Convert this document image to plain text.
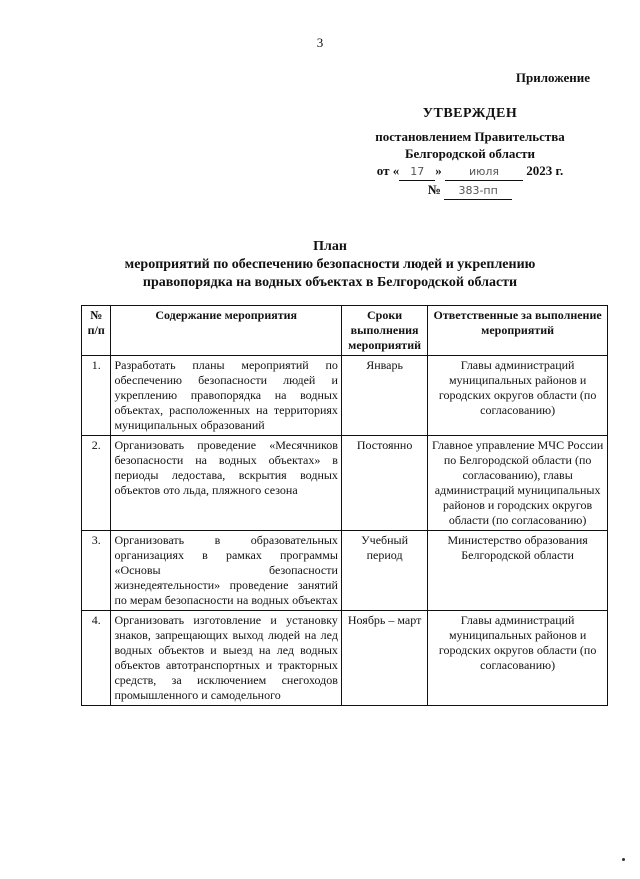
3
Приложение
УТВЕРЖДЕН
постановлением Правительства
Белгородской области
от « 17 » июля 2023 г.
№ 383-пп
План
мероприятий по обеспечению безопасности людей и укреплению
правопорядка на водных объектах в Белгородской области
№ п/п	Содержание мероприятия	Сроки выполнения мероприятий	Ответственные за выполнение мероприятий
1.	Разработать планы мероприятий по обеспечению безопасности людей и укреплению правопорядка на водных объектах, расположенных на территориях муниципальных образований	Январь	Главы администраций муниципальных районов и городских округов области (по согласованию)
2.	Организовать проведение «Месячников безопасности на водных объектах» в периоды ледостава, вскрытия водных объектов ото льда, пляжного сезона	Постоянно	Главное управление МЧС России по Белгородской области (по согласованию), главы администраций муниципальных районов и городских округов области (по согласованию)
3.	Организовать в образовательных организациях в рамках программы «Основы безопасности жизнедеятельности» проведение занятий по мерам безопасности на водных объектах	Учебный период	Министерство образования Белгородской области
4.	Организовать изготовление и установку знаков, запрещающих выход людей на лед водных объектов и выезд на лед водных объектов автотранспортных и тракторных средств, за исключением снегоходов промышленного и самодельного	Ноябрь – март	Главы администраций муниципальных районов и городских округов области (по согласованию)
